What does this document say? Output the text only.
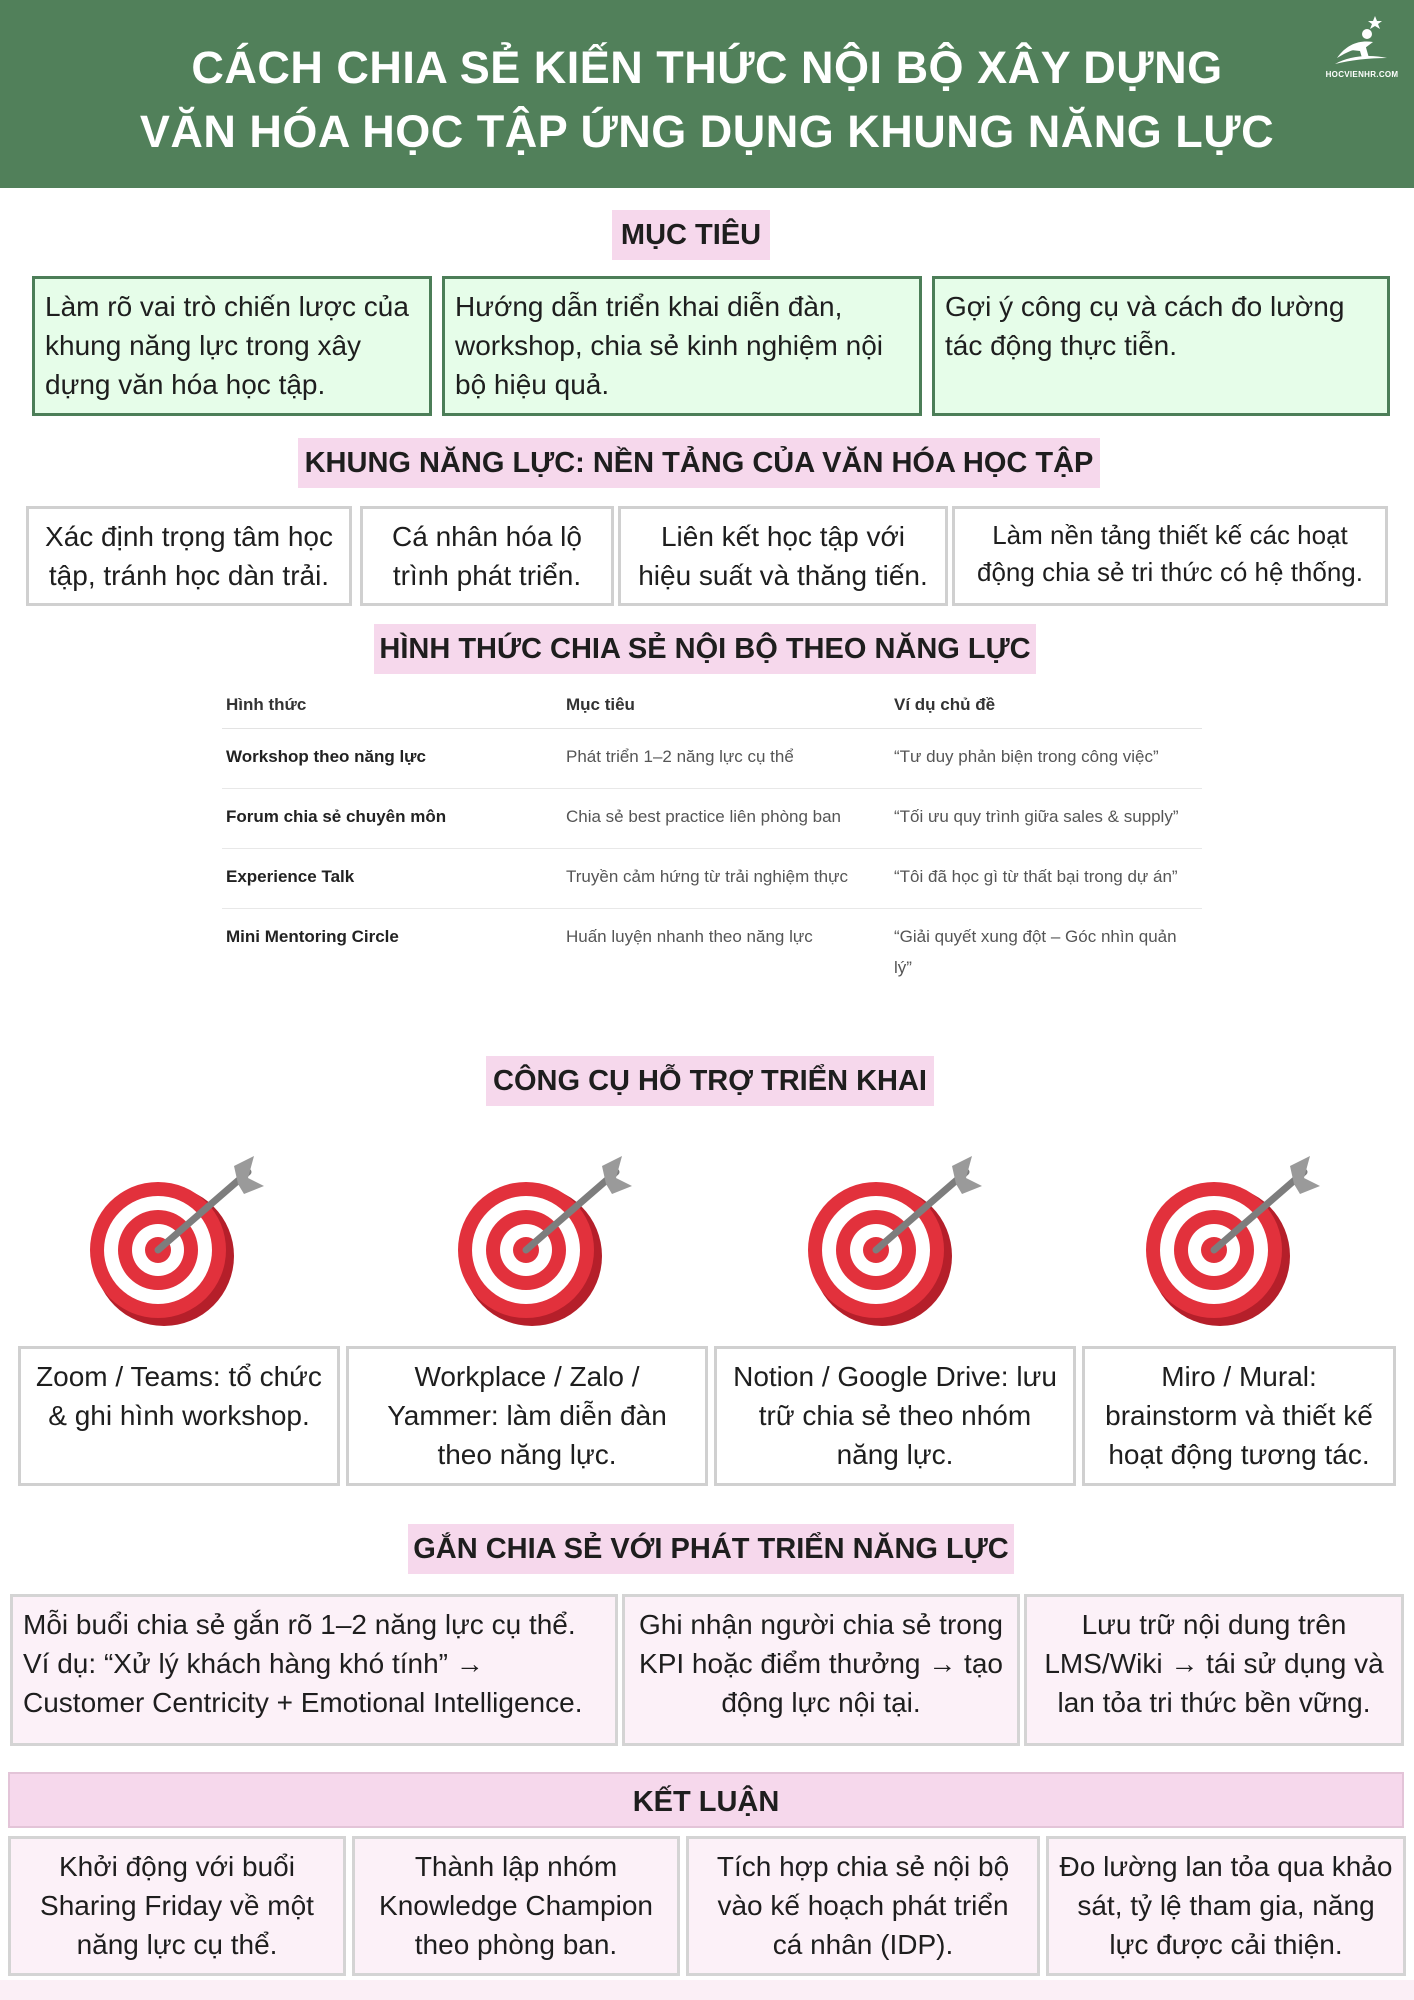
CÁCH CHIA SẺ KIẾN THỨC NỘI BỘ XÂY DỰNG
VĂN HÓA HỌC TẬP ỨNG DỤNG KHUNG NĂNG LỰC
HOCVIENHR.COM
MỤC TIÊU
Làm rõ vai trò chiến lược của khung năng lực trong xây dựng văn hóa học tập.
Hướng dẫn triển khai diễn đàn, workshop, chia sẻ kinh nghiệm nội bộ hiệu quả.
Gợi ý công cụ và cách đo lường tác động thực tiễn.
KHUNG NĂNG LỰC: NỀN TẢNG CỦA VĂN HÓA HỌC TẬP
Xác định trọng tâm học tập, tránh học dàn trải.
Cá nhân hóa lộ trình phát triển.
Liên kết học tập với hiệu suất và thăng tiến.
Làm nền tảng thiết kế các hoạt động chia sẻ tri thức có hệ thống.
HÌNH THỨC CHIA SẺ NỘI BỘ THEO NĂNG LỰC
Hình thức	Mục tiêu	Ví dụ chủ đề
Workshop theo năng lực	Phát triển 1–2 năng lực cụ thể	“Tư duy phản biện trong công việc”
Forum chia sẻ chuyên môn	Chia sẻ best practice liên phòng ban	“Tối ưu quy trình giữa sales & supply”
Experience Talk	Truyền cảm hứng từ trải nghiệm thực	“Tôi đã học gì từ thất bại trong dự án”
Mini Mentoring Circle	Huấn luyện nhanh theo năng lực	“Giải quyết xung đột – Góc nhìn quản lý”
CÔNG CỤ HỖ TRỢ TRIỂN KHAI
Zoom / Teams: tổ chức & ghi hình workshop.
Workplace / Zalo / Yammer: làm diễn đàn theo năng lực.
Notion / Google Drive: lưu trữ chia sẻ theo nhóm năng lực.
Miro / Mural: brainstorm và thiết kế hoạt động tương tác.
GẮN CHIA SẺ VỚI PHÁT TRIỂN NĂNG LỰC
Mỗi buổi chia sẻ gắn rõ 1–2 năng lực cụ thể. Ví dụ: “Xử lý khách hàng khó tính” → Customer Centricity + Emotional Intelligence.
Ghi nhận người chia sẻ trong KPI hoặc điểm thưởng → tạo động lực nội tại.
Lưu trữ nội dung trên LMS/Wiki → tái sử dụng và lan tỏa tri thức bền vững.
KẾT LUẬN
Khởi động với buổi Sharing Friday về một năng lực cụ thể.
Thành lập nhóm Knowledge Champion theo phòng ban.
Tích hợp chia sẻ nội bộ vào kế hoạch phát triển cá nhân (IDP).
Đo lường lan tỏa qua khảo sát, tỷ lệ tham gia, năng lực được cải thiện.
